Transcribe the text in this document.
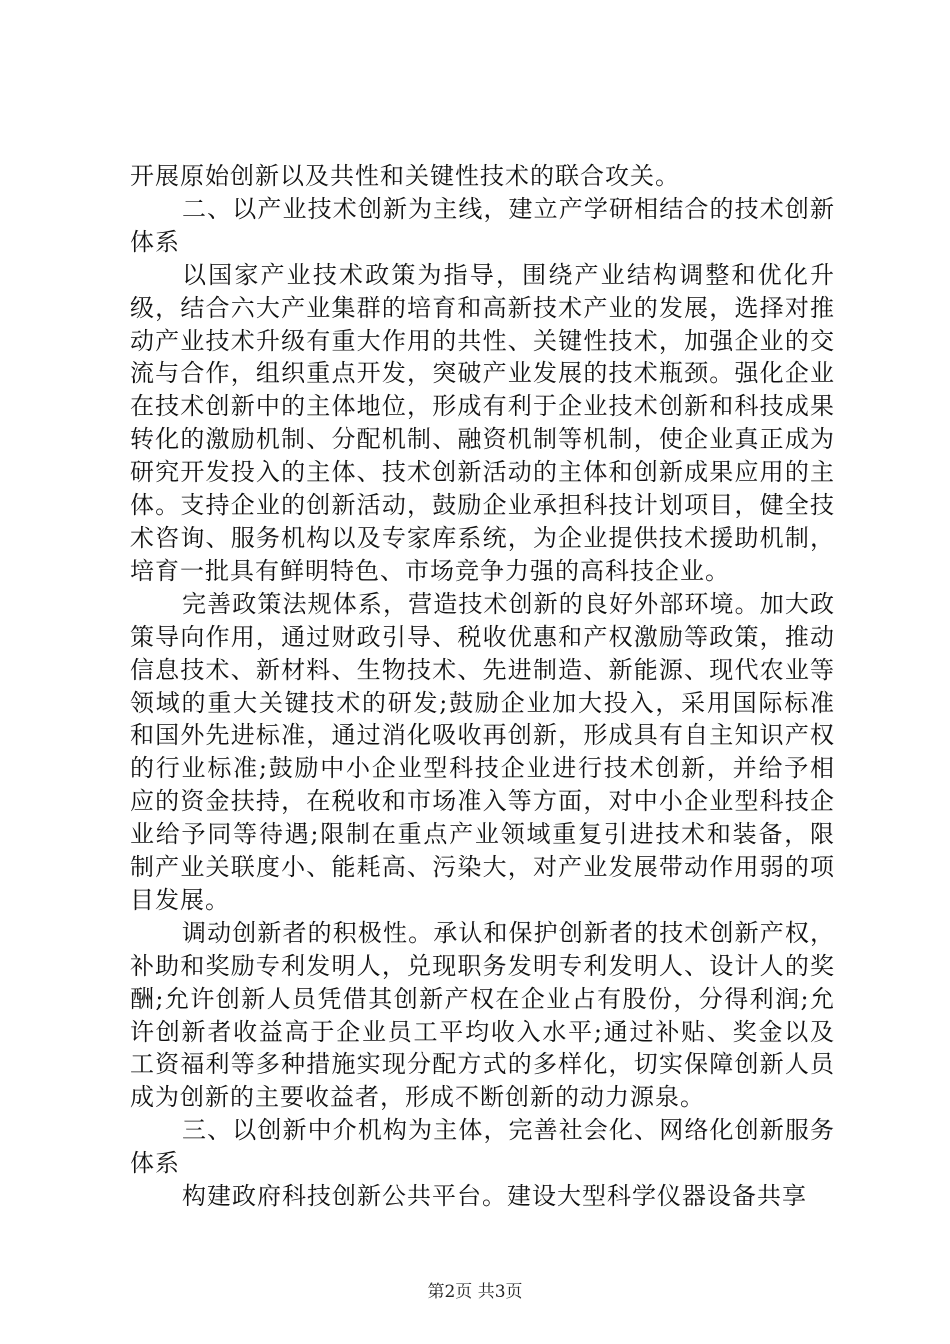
开展原始创新以及共性和关键性技术的联合攻关。

二、以产业技术创新为主线，建立产学研相结合的技术创新体系

以国家产业技术政策为指导，围绕产业结构调整和优化升级，结合六大产业集群的培育和高新技术产业的发展，选择对推动产业技术升级有重大作用的共性、关键性技术，加强企业的交流与合作，组织重点开发，突破产业发展的技术瓶颈。强化企业在技术创新中的主体地位，形成有利于企业技术创新和科技成果转化的激励机制、分配机制、融资机制等机制，使企业真正成为研究开发投入的主体、技术创新活动的主体和创新成果应用的主体。支持企业的创新活动，鼓励企业承担科技计划项目，健全技术咨询、服务机构以及专家库系统，为企业提供技术援助机制，培育一批具有鲜明特色、市场竞争力强的高科技企业。

完善政策法规体系，营造技术创新的良好外部环境。加大政策导向作用，通过财政引导、税收优惠和产权激励等政策，推动信息技术、新材料、生物技术、先进制造、新能源、现代农业等领域的重大关键技术的研发;鼓励企业加大投入，采用国际标准和国外先进标准，通过消化吸收再创新，形成具有自主知识产权的行业标准;鼓励中小企业型科技企业进行技术创新，并给予相应的资金扶持，在税收和市场准入等方面，对中小企业型科技企业给予同等待遇;限制在重点产业领域重复引进技术和装备，限制产业关联度小、能耗高、污染大，对产业发展带动作用弱的项目发展。

调动创新者的积极性。承认和保护创新者的技术创新产权，补助和奖励专利发明人，兑现职务发明专利发明人、设计人的奖酬;允许创新人员凭借其创新产权在企业占有股份，分得利润;允许创新者收益高于企业员工平均收入水平;通过补贴、奖金以及工资福利等多种措施实现分配方式的多样化，切实保障创新人员成为创新的主要收益者，形成不断创新的动力源泉。

三、以创新中介机构为主体，完善社会化、网络化创新服务体系

构建政府科技创新公共平台。建设大型科学仪器设备共享

第2页 共3页
